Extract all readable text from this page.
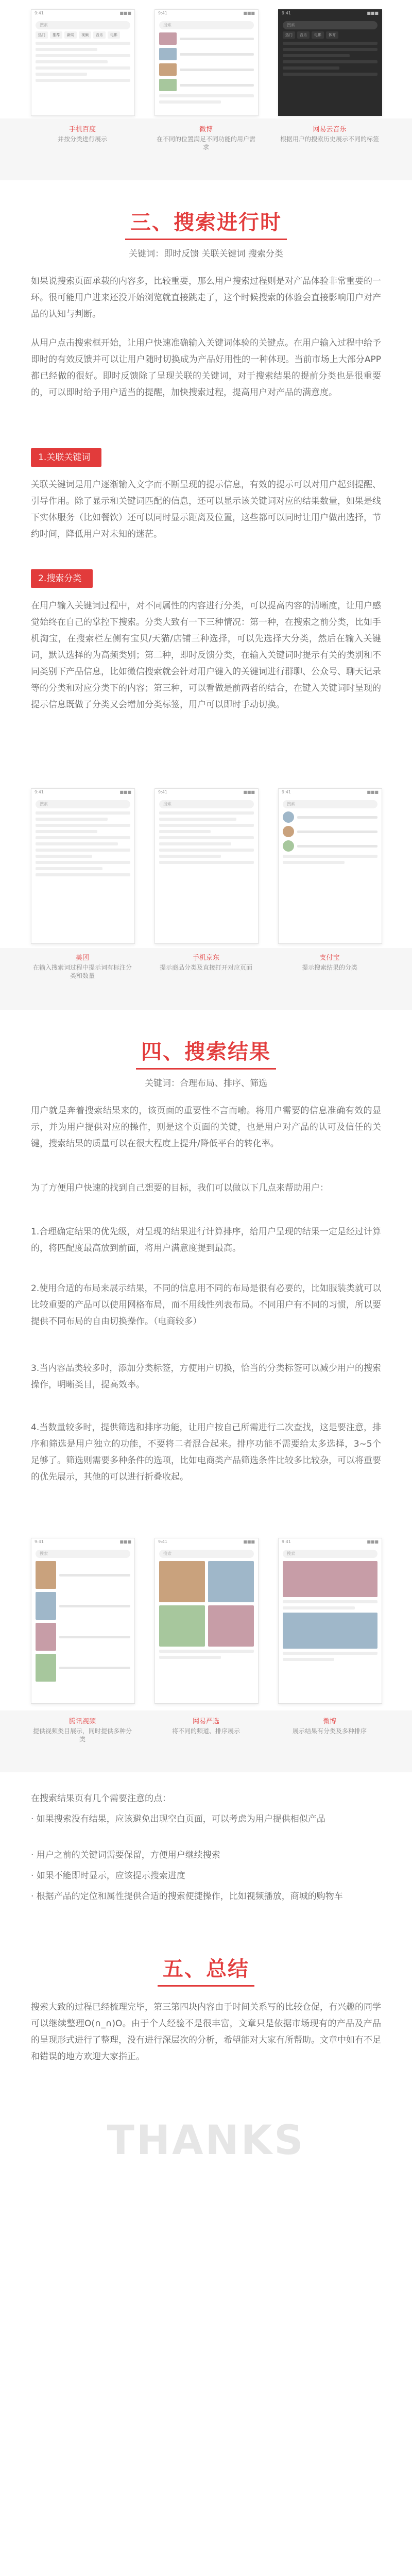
9:41	■■■
搜索
热门	推荐	新闻	视频	音乐	电影
9:41	■■■
搜索
9:41	■■■
搜索
热门	音乐	电影	体育
手机百度
并按分类进行展示
微博
在不同的位置满足不同功能的用户需求
网易云音乐
根据用户的搜索历史展示不同的标签
三、搜索进行时
关键词：即时反馈 关联关键词 搜索分类
如果说搜索页面承载的内容多，比较重要，那么用户搜索过程则是对产品体验非常重要的一环。很可能用户进来还没开始浏览就直接跳走了，这个时候搜索的体验会直接影响用户对产品的认知与判断。
从用户点击搜索框开始，让用户快速准确输入关键词体验的关键点。在用户输入过程中给予即时的有效反馈并可以让用户随时切换成为产品好用性的一种体现。当前市场上大部分APP都已经做的很好。即时反馈除了呈现关联的关键词，对于搜索结果的提前分类也是很重要的，可以即时给予用户适当的提醒，加快搜索过程，提高用户对产品的满意度。
1.关联关键词
关联关键词是用户逐渐输入文字而不断呈现的提示信息，有效的提示可以对用户起到提醒、引导作用。除了显示和关键词匹配的信息，还可以显示该关键词对应的结果数量，如果是线下实体服务（比如餐饮）还可以同时显示距离及位置，这些都可以同时让用户做出选择，节约时间，降低用户对未知的迷茫。
2.搜索分类
在用户输入关键词过程中，对不同属性的内容进行分类，可以提高内容的清晰度，让用户感觉始终在自己的掌控下搜索。分类大致有一下三种情况：第一种，在搜索之前分类，比如手机淘宝，在搜索栏左侧有宝贝/天猫/店铺三种选择，可以先选择大分类，然后在输入关键词，默认选择的为高频类别；第二种，即时反馈分类，在输入关键词时提示有关的类别和不同类别下产品信息，比如微信搜索就会针对用户键入的关键词进行群聊、公众号、聊天记录等的分类和对应分类下的内容；第三种，可以看做是前两者的结合，在键入关键词时呈现的提示信息既做了分类又会增加分类标签，用户可以即时手动切换。
9:41	■■■
搜索
9:41	■■■
搜索
9:41	■■■
搜索
美团
在输入搜索词过程中提示词有标注分类和数量
手机京东
提示商品分类及直接打开对应页面
支付宝
提示搜索结果的分类
四、搜索结果
关键词：合理布局、排序、筛选
用户就是奔着搜索结果来的，该页面的重要性不言而喻。将用户需要的信息准确有效的显示，并为用户提供对应的操作，则是这个页面的关键，也是用户对产品的认可及信任的关键，搜索结果的质量可以在很大程度上提升/降低平台的转化率。
为了方便用户快速的找到自己想要的目标，我们可以做以下几点来帮助用户：
1.合理确定结果的优先级，对呈现的结果进行计算排序，给用户呈现的结果一定是经过计算的，将匹配度最高放到前面，将用户满意度提到最高。
2.使用合适的布局来展示结果，不同的信息用不同的布局是很有必要的，比如服装类就可以比较重要的产品可以使用网格布局，而不用线性列表布局。不同用户有不同的习惯，所以要提供不同布局的自由切换操作。（电商较多）
3.当内容品类较多时，添加分类标签，方便用户切换，恰当的分类标签可以减少用户的搜索操作，明晰类目，提高效率。
4.当数量较多时，提供筛选和排序功能，让用户按自己所需进行二次查找，这是要注意，排序和筛选是用户独立的功能，不要将二者混合起来。排序功能不需要给太多选择，3~5个足够了。筛选则需要多种条件的选项，比如电商类产品筛选条件比较多比较杂，可以将重要的优先展示，其他的可以进行折叠收起。
9:41	■■■
搜索
9:41	■■■
搜索
9:41	■■■
搜索
腾讯视频
提供视频类目展示，同时提供多种分类
网易严选
将不同的频道、排序展示
微博
展示结果有分类及多种排序
在搜索结果页有几个需要注意的点：
· 如果搜索没有结果，应该避免出现空白页面，可以考虑为用户提供相似产品
· 用户之前的关键词需要保留，方便用户继续搜索
· 如果不能即时显示，应该提示搜索进度
· 根据产品的定位和属性提供合适的搜索便捷操作，比如视频播放，商城的购物车
五、总结
搜索大致的过程已经梳理完毕，第三第四块内容由于时间关系写的比较仓促，有兴趣的同学可以继续整理O(∩_∩)O。由于个人经验不是很丰富，文章只是依据市场现有的产品及产品的呈现形式进行了整理，没有进行深层次的分析，希望能对大家有所帮助。文章中如有不足和错误的地方欢迎大家指正。
THANKS
